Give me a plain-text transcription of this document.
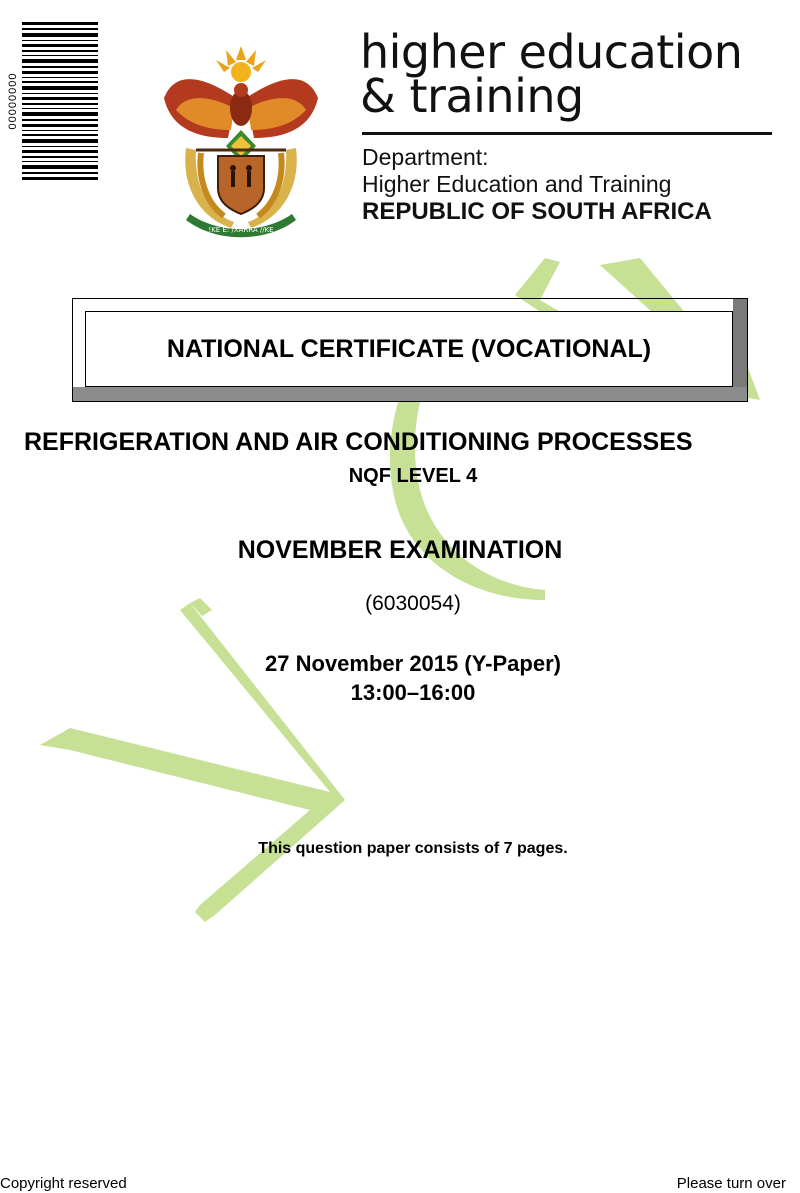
00000000
!KE E: /XARRA //KE
higher education
& training
Department:
Higher Education and Training
REPUBLIC OF SOUTH AFRICA
NATIONAL CERTIFICATE (VOCATIONAL)
REFRIGERATION AND AIR CONDITIONING PROCESSES
NQF LEVEL 4
NOVEMBER EXAMINATION
(6030054)
27 November 2015 (Y-Paper)
13:00–16:00
This question paper consists of 7 pages.
Copyright reserved	Please turn over
